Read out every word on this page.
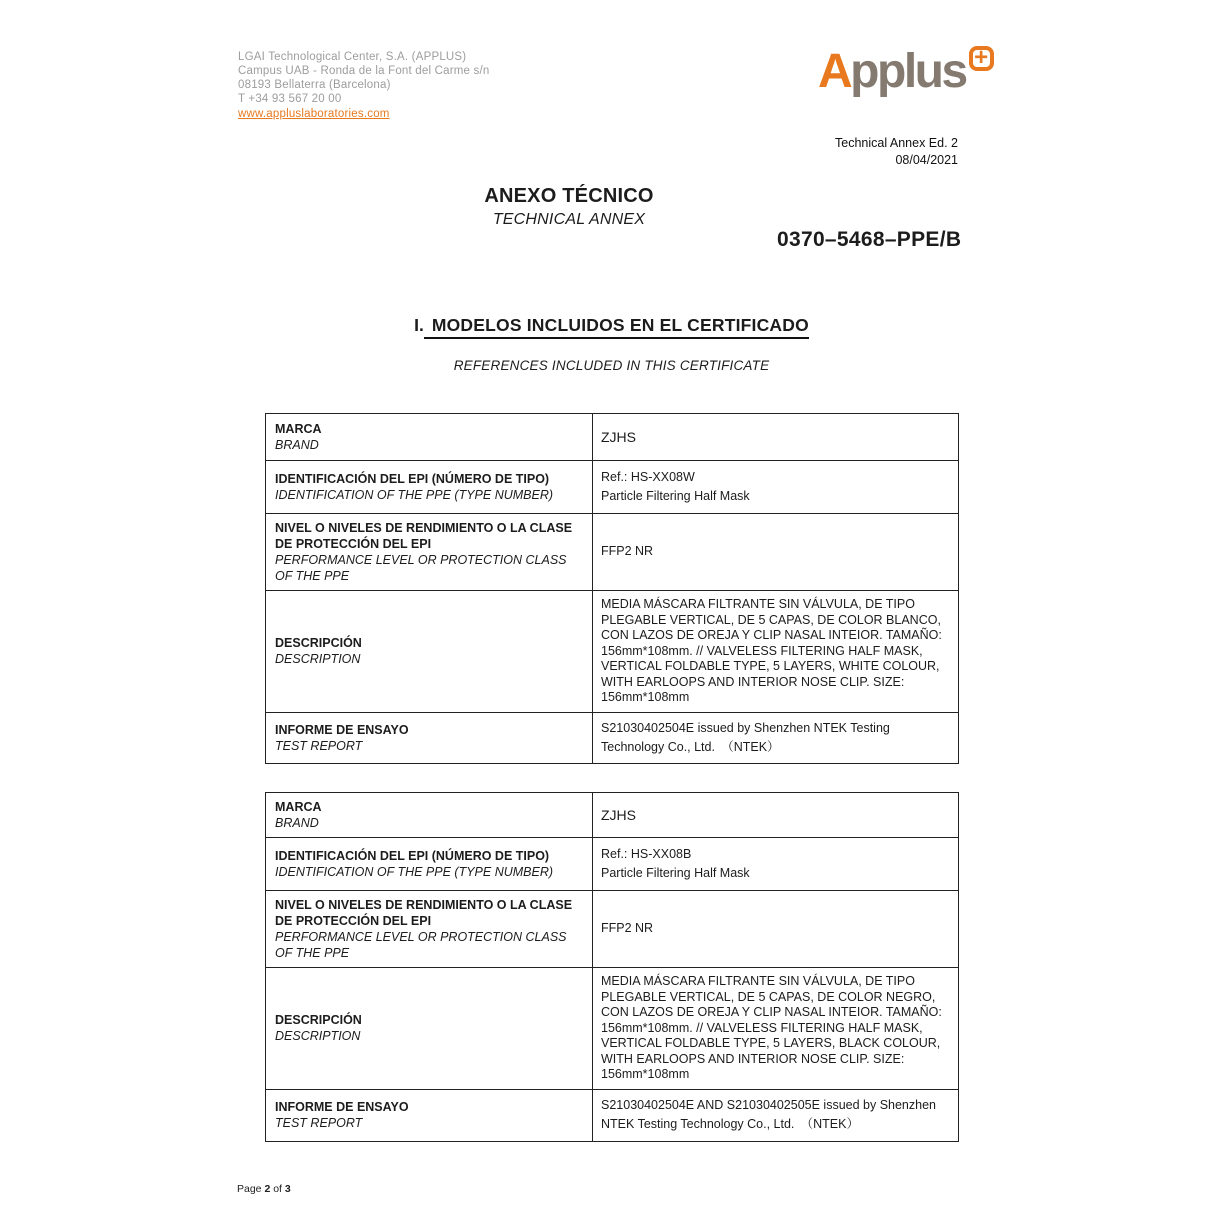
LGAI Technological Center, S.A. (APPLUS)
Campus UAB - Ronda de la Font del Carme s/n
08193 Bellaterra (Barcelona)
T +34 93 567 20 00
www.appluslaboratories.com
Applus +
Technical Annex Ed. 2
08/04/2021
ANEXO TÉCNICO
TECHNICAL ANNEX
0370–5468–PPE/B
I. MODELOS INCLUIDOS EN EL CERTIFICADO
REFERENCES INCLUDED IN THIS CERTIFICATE
MARCA
BRAND	ZJHS

IDENTIFICACIÓN DEL EPI (NÚMERO DE TIPO)
IDENTIFICATION OF THE PPE (TYPE NUMBER)

Ref.: HS-XX08W
Particle Filtering Half Mask

NIVEL O NIVELES DE RENDIMIENTO O LA CLASE DE PROTECCIÓN DEL EPI
PERFORMANCE LEVEL OR PROTECTION CLASS OF THE PPE	FFP2 NR

DESCRIPCIÓN
DESCRIPTION	MEDIA MÁSCARA FILTRANTE SIN VÁLVULA, DE TIPO PLEGABLE VERTICAL, DE 5 CAPAS, DE COLOR BLANCO, CON LAZOS DE OREJA Y CLIP NASAL INTEIOR. TAMAÑO: 156mm*108mm. // VALVELESS FILTERING HALF MASK, VERTICAL FOLDABLE TYPE, 5 LAYERS, WHITE COLOUR, WITH EARLOOPS AND INTERIOR NOSE CLIP. SIZE: 156mm*108mm

INFORME DE ENSAYO
TEST REPORT	S21030402504E issued by Shenzhen NTEK Testing Technology Co., Ltd.　（NTEK）
MARCA
BRAND	ZJHS

IDENTIFICACIÓN DEL EPI (NÚMERO DE TIPO)
IDENTIFICATION OF THE PPE (TYPE NUMBER)

Ref.: HS-XX08B
Particle Filtering Half Mask

NIVEL O NIVELES DE RENDIMIENTO O LA CLASE DE PROTECCIÓN DEL EPI
PERFORMANCE LEVEL OR PROTECTION CLASS OF THE PPE	FFP2 NR

DESCRIPCIÓN
DESCRIPTION	MEDIA MÁSCARA FILTRANTE SIN VÁLVULA, DE TIPO PLEGABLE VERTICAL, DE 5 CAPAS, DE COLOR NEGRO, CON LAZOS DE OREJA Y CLIP NASAL INTEIOR. TAMAÑO: 156mm*108mm. // VALVELESS FILTERING HALF MASK, VERTICAL FOLDABLE TYPE, 5 LAYERS, BLACK COLOUR, WITH EARLOOPS AND INTERIOR NOSE CLIP. SIZE: 156mm*108mm

INFORME DE ENSAYO
TEST REPORT	S21030402504E AND S21030402505E issued by Shenzhen NTEK Testing Technology Co., Ltd.　（NTEK）
Page 2 of 3
